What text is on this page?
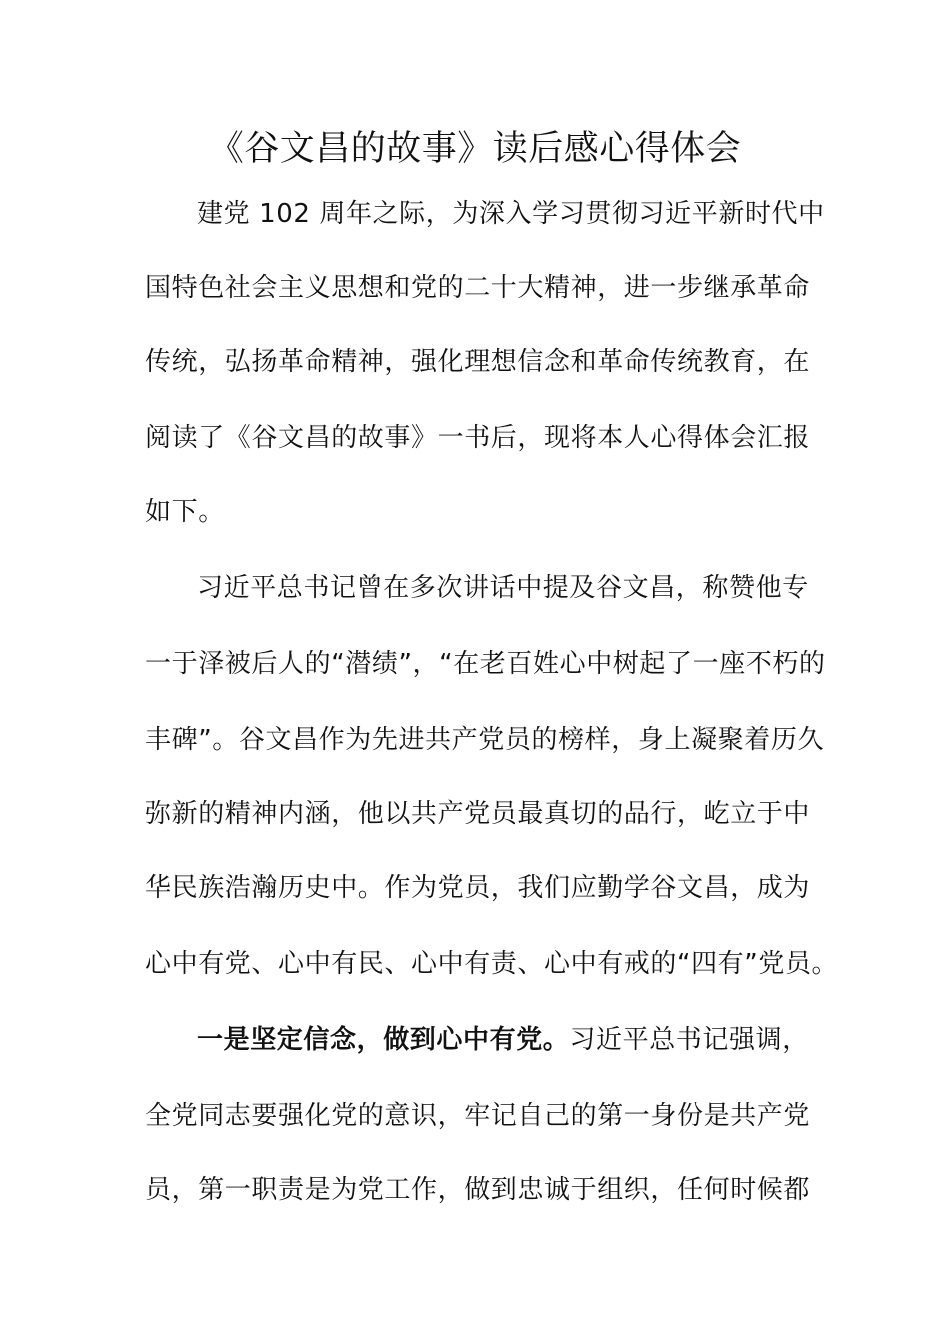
《谷文昌的故事》读后感心得体会
建党 102 周年之际，为深入学习贯彻习近平新时代中
国特色社会主义思想和党的二十大精神，进一步继承革命
传统，弘扬革命精神，强化理想信念和革命传统教育，在
阅读了《谷文昌的故事》一书后，现将本人心得体会汇报
如下。
习近平总书记曾在多次讲话中提及谷文昌，称赞他专
一于泽被后人的“潜绩”，“在老百姓心中树起了一座不朽的
丰碑”。谷文昌作为先进共产党员的榜样，身上凝聚着历久
弥新的精神内涵，他以共产党员最真切的品行，屹立于中
华民族浩瀚历史中。作为党员，我们应勤学谷文昌，成为
心中有党、心中有民、心中有责、心中有戒的“四有”党员。
一是坚定信念，做到心中有党。习近平总书记强调，
全党同志要强化党的意识，牢记自己的第一身份是共产党
员，第一职责是为党工作，做到忠诚于组织，任何时候都
